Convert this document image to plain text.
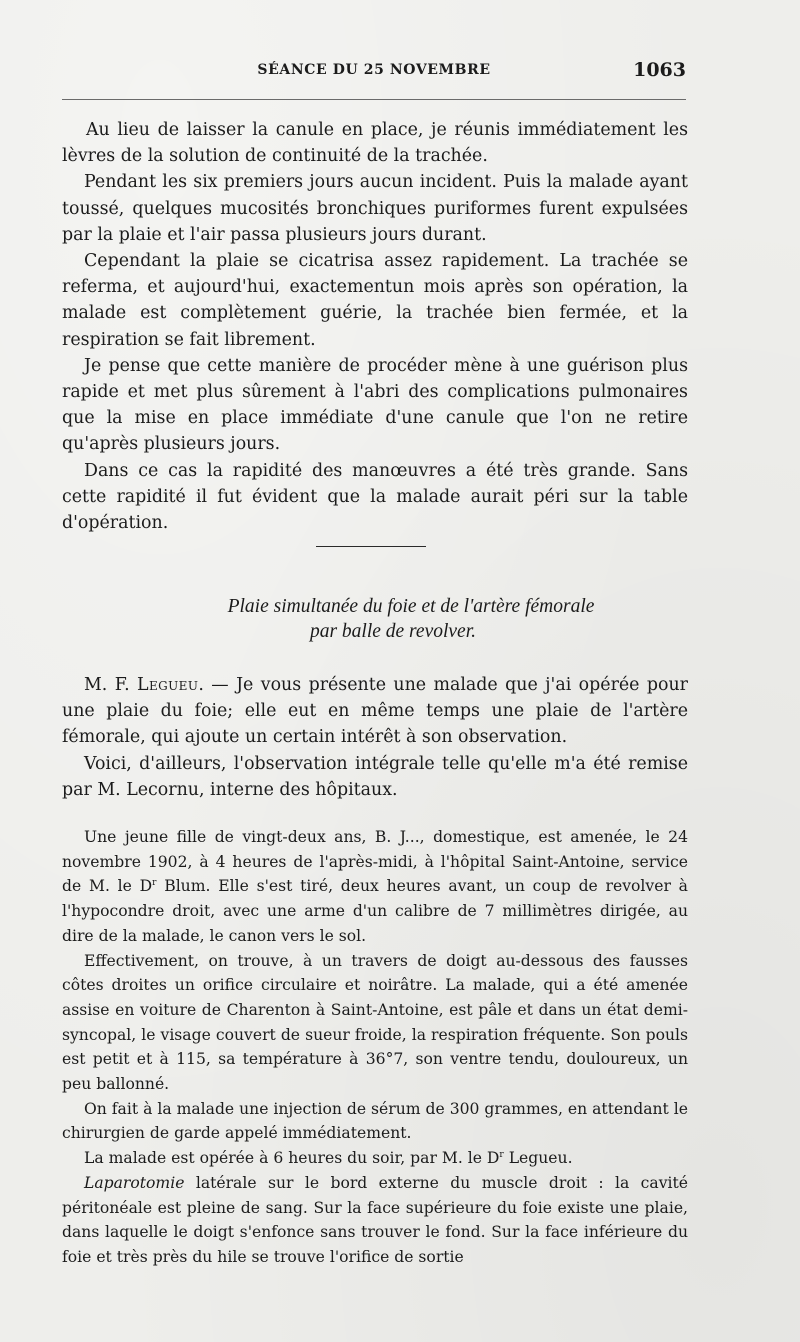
SÉANCE DU 25 NOVEMBRE	1063

Au lieu de laisser la canule en place, je réunis immédiatement les lèvres de la solution de continuité de la trachée.

Pendant les six premiers jours aucun incident. Puis la malade ayant toussé, quelques mucosités bronchiques puriformes furent expulsées par la plaie et l'air passa plusieurs jours durant.

Cependant la plaie se cicatrisa assez rapidement. La trachée se referma, et aujourd'hui, exactementun mois après son opération, la malade est complètement guérie, la trachée bien fermée, et la respiration se fait librement.

Je pense que cette manière de procéder mène à une guérison plus rapide et met plus sûrement à l'abri des complications pulmonaires que la mise en place immédiate d'une canule que l'on ne retire qu'après plusieurs jours.

Dans ce cas la rapidité des manœuvres a été très grande. Sans cette rapidité il fut évident que la malade aurait péri sur la table d'opération.

Plaie simultanée du foie et de l'artère fémorale
par balle de revolver.

M. F. Legueu. — Je vous présente une malade que j'ai opérée pour une plaie du foie; elle eut en même temps une plaie de l'artère fémorale, qui ajoute un certain intérêt à son observation.

Voici, d'ailleurs, l'observation intégrale telle qu'elle m'a été remise par M. Lecornu, interne des hôpitaux.

Une jeune fille de vingt-deux ans, B. J..., domestique, est amenée, le 24 novembre 1902, à 4 heures de l'après-midi, à l'hôpital Saint-Antoine, service de M. le $D^r$ Blum. Elle s'est tiré, deux heures avant, un coup de revolver à l'hypocondre droit, avec une arme d'un calibre de 7 millimètres dirigée, au dire de la malade, le canon vers le sol.

Effectivement, on trouve, à un travers de doigt au-dessous des fausses côtes droites un orifice circulaire et noirâtre. La malade, qui a été amenée assise en voiture de Charenton à Saint-Antoine, est pâle et dans un état demi-syncopal, le visage couvert de sueur froide, la respiration fréquente. Son pouls est petit et à 115, sa température à 36°7, son ventre tendu, douloureux, un peu ballonné.

On fait à la malade une injection de sérum de 300 grammes, en attendant le chirurgien de garde appelé immédiatement.

La malade est opérée à 6 heures du soir, par M. le $D^r$ Legueu.

Laparotomie latérale sur le bord externe du muscle droit : la cavité péritonéale est pleine de sang. Sur la face supérieure du foie existe une plaie, dans laquelle le doigt s'enfonce sans trouver le fond. Sur la face inférieure du foie et très près du hile se trouve l'orifice de sortie
